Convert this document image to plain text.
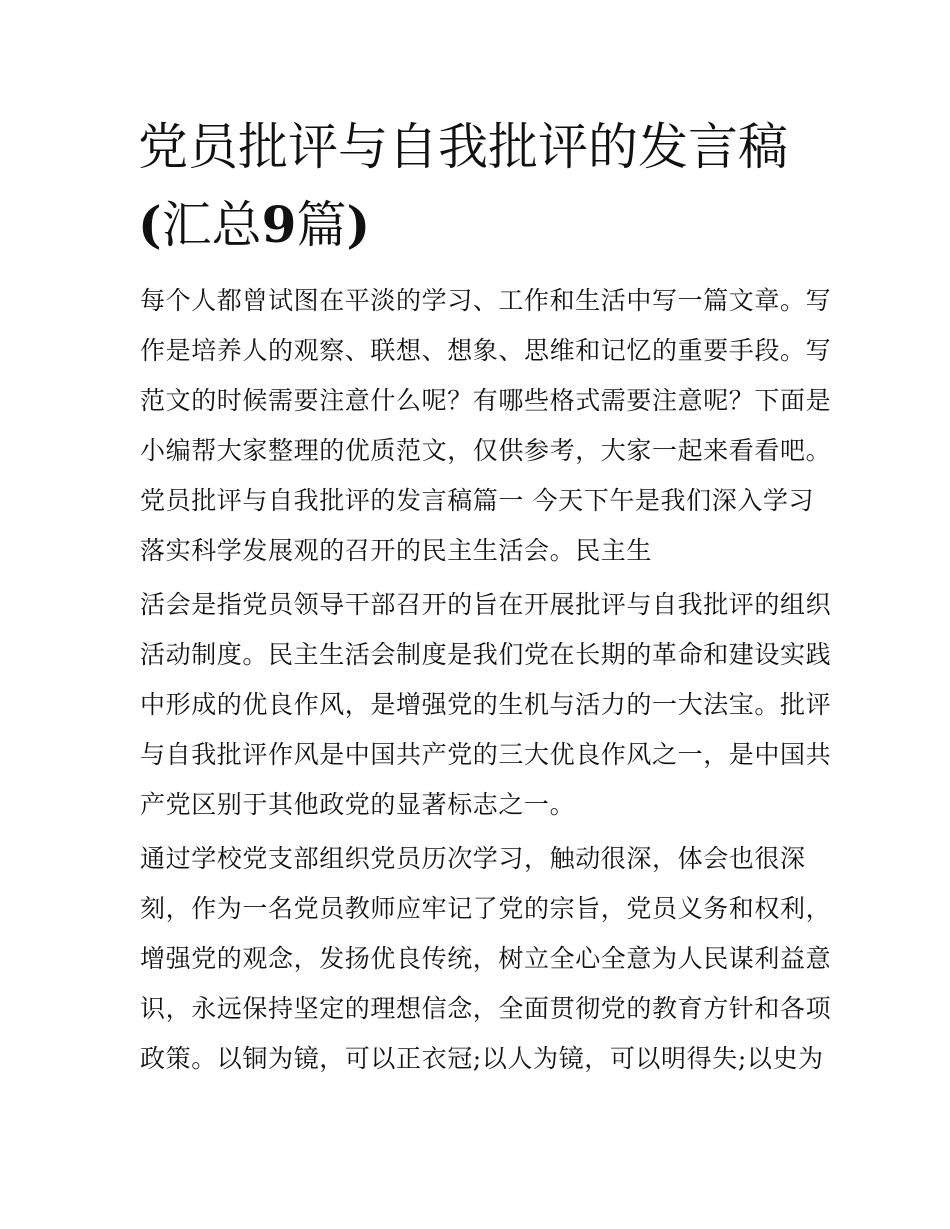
党员批评与自我批评的发言稿
(汇总9篇)
每个人都曾试图在平淡的学习、工作和生活中写一篇文章。写
作是培养人的观察、联想、想象、思维和记忆的重要手段。写
范文的时候需要注意什么呢？有哪些格式需要注意呢？下面是
小编帮大家整理的优质范文，仅供参考，大家一起来看看吧。
党员批评与自我批评的发言稿篇一 今天下午是我们深入学习
落实科学发展观的召开的民主生活会。民主生
活会是指党员领导干部召开的旨在开展批评与自我批评的组织
活动制度。民主生活会制度是我们党在长期的革命和建设实践
中形成的优良作风，是增强党的生机与活力的一大法宝。批评
与自我批评作风是中国共产党的三大优良作风之一，是中国共
产党区别于其他政党的显著标志之一。
通过学校党支部组织党员历次学习，触动很深，体会也很深
刻，作为一名党员教师应牢记了党的宗旨，党员义务和权利，
增强党的观念，发扬优良传统，树立全心全意为人民谋利益意
识，永远保持坚定的理想信念，全面贯彻党的教育方针和各项
政策。以铜为镜，可以正衣冠;以人为镜，可以明得失;以史为
